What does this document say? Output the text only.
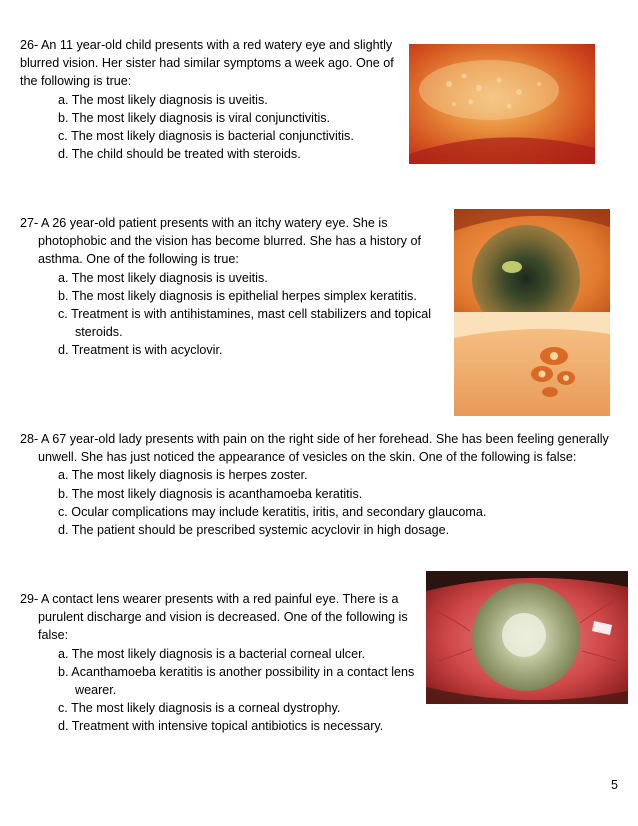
26- An 11 year-old child presents with a red watery eye and slightly blurred vision. Her sister had similar symptoms a week ago. One of the following is true:

a. The most likely diagnosis is uveitis.

b. The most likely diagnosis is viral conjunctivitis.

c. The most likely diagnosis is bacterial conjunctivitis.

d. The child should be treated with steroids.

27- A 26 year-old patient presents with an itchy watery eye. She is photophobic and the vision has become blurred. She has a history of asthma. One of the following is true:

a. The most likely diagnosis is uveitis.

b. The most likely diagnosis is epithelial herpes simplex keratitis.

c. Treatment is with antihistamines, mast cell stabilizers and topical steroids.

d. Treatment is with acyclovir.

28- A 67 year-old lady presents with pain on the right side of her forehead. She has been feeling generally unwell. She has just noticed the appearance of vesicles on the skin. One of the following is false:

a. The most likely diagnosis is herpes zoster.

b. The most likely diagnosis is acanthamoeba keratitis.

c. Ocular complications may include keratitis, iritis, and secondary glaucoma.

d. The patient should be prescribed systemic acyclovir in high dosage.

29- A contact lens wearer presents with a red painful eye. There is a purulent discharge and vision is decreased. One of the following is false:

a. The most likely diagnosis is a bacterial corneal ulcer.

b. Acanthamoeba keratitis is another possibility in a contact lens wearer.

c. The most likely diagnosis is a corneal dystrophy.

d. Treatment with intensive topical antibiotics is necessary.

5
